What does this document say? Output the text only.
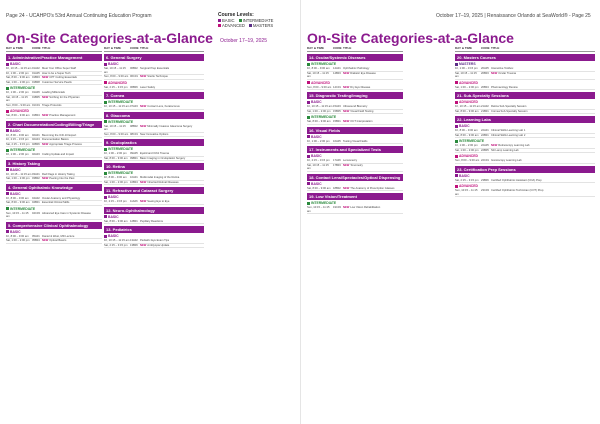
Page 24 - UCAHPO's 53rd Annual Continuing Education Program
On-Site Categories-at-a-Glance October 17–19, 2025
Course Levels:
BASIC INTERMEDIATEADVANCED MASTERS
DAY & TIME	CODE TITLE
1. Administrative/Practice Management
BASIC
Fri, 10:15 – 11:15 am 01A02 Meet Your Office Super Staff
Fri, 1:00 – 2:00 pm	01A05 How to be a Super Tech
Sat, 8:00 – 9:00 am 01B03 NEWCPT Coding Essentials
Sat, 1:00 – 2:00 pm 01B08 Customer Service Pearls
INTERMEDIATE
Fri, 1:00 – 2:00 pm	01A06 Leading Millennials
Sat, 10:15 – 11:15 am
01B05 NEWScribing for the Physician
Sun, 8:00 – 9:00 am 01C01 Triage Protocols
ADVANCED
Sat, 8:00 – 9:00 am 01B04 NEWPractice Management
2. Chart Documentation/Coding/Billing/Triage
BASIC
Fri, 8:00 – 9:00 am	02A01 Becoming the ICD-10 Expert
Fri, 2:15 – 3:15 pm	02A04 Documentation Basics
Sat, 2:15 – 3:15 pm 02B06 NEWAppropriate Triage Process
INTERMEDIATE
Fri, 1:00 – 2:00 pm	02A03 Coding Update and Impact
3. History Taking
BASIC
Fri, 10:15 – 11:15 am 03A01 Red Flags in History Taking
Sat, 1:00 – 2:00 pm 03B02 NEWPeering Into the Past
4. General Ophthalmic Knowledge
BASIC
Fri, 8:00 – 9:00 am	04A02 Ocular Anatomy and Physiology
Sat, 8:00 – 9:00 am 04B01 Essential Clinical Skills
INTERMEDIATE
Sun, 10:15 – 11:15 am
04C03 Advanced Eye Care in Systemic Disease
5. Comprehensive Clinical Ophthalmology
BASIC
Fri, 8:00 – 9:00 am	05A01 Daniel & West, MD Lecture
Sat, 1:00 – 2:00 pm 05B04 NEWOptical Basics
DAY & TIME	CODE TITLE
6. General Surgery
BASIC
Sat, 10:15 – 11:15 am
06B02 Surgical Prep Essentials
Sun, 8:00 – 9:00 am 06C01 NEWSterile Technique
ADVANCED
Sat, 2:15 – 3:15 pm 06B06 Laser Safety
7. Cornea
INTERMEDIATE
Fri, 10:15 – 11:15 am 07A03 NEWContact Lens, Keratoconus
8. Glaucoma
INTERMEDIATE
Sat, 10:15 – 11:15 am
08B02 NEWMinimally Invasive Glaucoma Surgery
Sun, 8:00 – 9:00 am 08C01 New Innovative Options
9. Oculoplastics
INTERMEDIATE
Fri, 1:00 – 2:00 pm	09A05 Eyelid and Orbit Trauma
Sat, 8:00 – 9:00 am 09B01 Basic Imaging in Oculoplastic Surgery
10. Retina
INTERMEDIATE
Fri, 8:00 – 9:00 am	10A01 Multimodal Imaging of the Retina
Sat, 1:00 – 2:00 pm 10B04 NEWInherited Retinal Diseases
11. Refractive and Cataract Surgery
BASIC
Fri, 2:15 – 3:15 pm	11A06 NEWSeeing Eye to Eye
12. Neuro-Ophthalmology
BASIC
Sat, 8:00 – 9:00 am 12B01 Pupillary Reactions
13. Pediatrics
BASIC
Fri, 10:15 – 11:15 am 13A02 Pediatric Eye Exam Tips
Sat, 2:15 – 3:15 pm 13B06 NEWAmblyopia Update
October 17–19, 2025 | Renaissance Orlando at SeaWorld® - Page 25
On-Site Categories-at-a-Glance
DAY & TIME	CODE TITLE
14. Ocular/Systemic Diseases
INTERMEDIATE
Fri, 8:00 – 9:00 am	14A01 Ophthalmic Pathology
Sat, 10:15 – 11:15 am
14B03 NEWDiabetic Eye Disease
ADVANCED
Sun, 8:00 – 9:00 am 14C01 NEWDry Eye Disease
15. Diagnostic Testing/Imaging
BASIC
Fri, 10:15 – 11:15 am 15A03 Ultrasound Biometry
Sat, 1:00 – 2:00 pm 15B05 NEWVisual Field Testing
INTERMEDIATE
Sat, 8:00 – 9:00 am 15B01 NEWOCT Interpretation
16. Visual Fields
BASIC
Fri, 1:00 – 2:00 pm	16A05 Testing Visual Fields
17. Instruments and Specialized Tests
BASIC
Fri, 2:15 – 3:15 pm	17A06 Lensometry
Sat, 10:15 – 11:15 am
17B03 NEWTonometry
18. Contact Lens/Spectacles/Optical Dispensing
BASIC
Sat, 8:00 – 9:00 am 18B02 NEWThe Anatomy of Prescription Glasses
19. Low Vision/Treatment
INTERMEDIATE
Sun, 10:15 – 11:15 am
19C03 NEWLow Vision Rehabilitation
DAY & TIME	CODE TITLE
20. Masters Courses
MASTERS
Fri, 1:00 – 3:15 pm	20A05 Interactive Toolbox
Sat, 10:15 – 11:15 am
20B03 NEWOcular Trauma
ADVANCED
Sat, 1:00 – 2:00 pm 20B04 Pharmacology Review
21. Sub-Specialty Sessions
ADVANCED
Fri, 10:15 – 11:15 am 21A02 Retina Sub-Specialty Session
Sat, 8:00 – 9:00 am 21B01 Cornea Sub-Specialty Session
22. Learning Labs
BASIC
Fri, 8:00 – 9:00 am	22A01 Clinical Skills Learning Lab 1
Sat, 8:00 – 9:00 am 22B01 Clinical Skills Learning Lab 2
INTERMEDIATE
Fri, 1:00 – 2:00 pm	22A05 NEWRetinoscopy Learning Lab
Sat, 1:00 – 2:00 pm 22B05 Slit Lamp Learning Lab
ADVANCED
Sun, 8:00 – 9:00 am 22C01 Gonioscopy Learning Lab
23. Certification Prep Sessions
BASIC
Sat, 2:15 – 3:15 pm 23B06 Certified Ophthalmic Assistant (COA) Prep
ADVANCED
Sun, 10:15 – 11:15 am
23C03 Certified Ophthalmic Technician (COT) Prep
